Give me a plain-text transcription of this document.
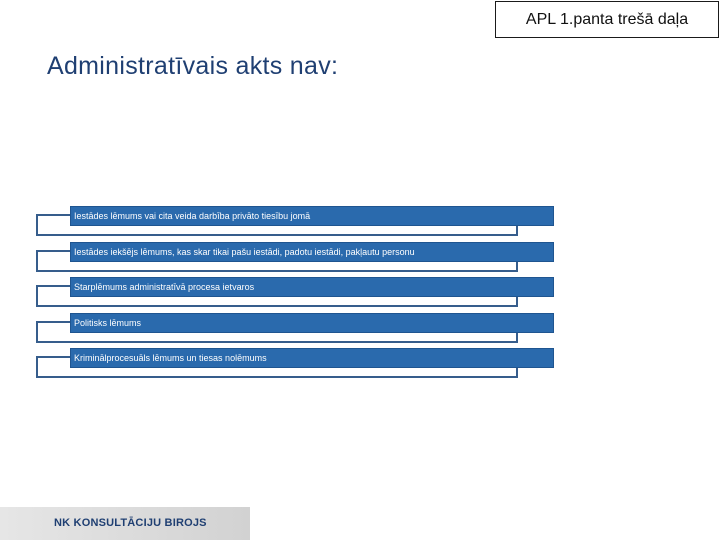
APL 1.panta trešā daļa
Administratīvais akts nav:
Iestādes lēmums vai cita veida darbība privāto tiesību jomā
Iestādes iekšējs lēmums, kas skar tikai pašu iestādi, padotu iestādi, pakļautu personu
Starplēmums administratīvā procesa ietvaros
Politisks lēmums
Kriminālprocesuāls lēmums un tiesas nolēmums
NK KONSULTĀCIJU BIROJS
